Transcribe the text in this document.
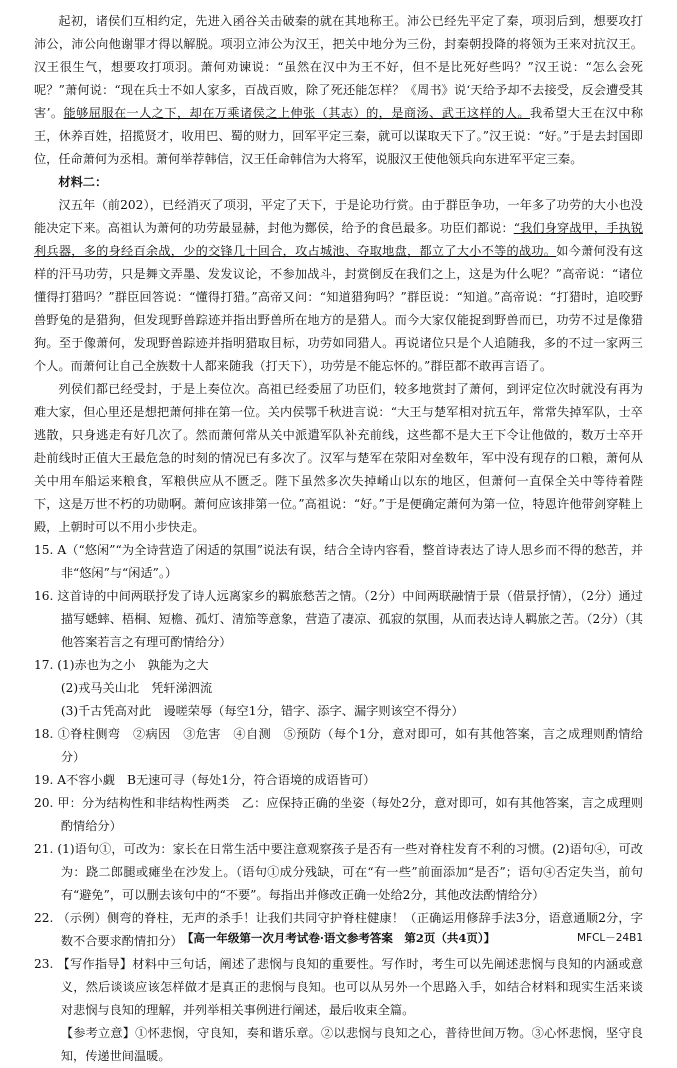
起初，诸侯们互相约定，先进入函谷关击破秦的就在其地称王。沛公已经先平定了秦，项羽后到，想要攻打沛公，沛公向他谢罪才得以解脱。项羽立沛公为汉王，把关中地分为三份，封秦朝投降的将领为王来对抗汉王。汉王很生气，想要攻打项羽。萧何劝谏说：“虽然在汉中为王不好，但不是比死好些吗？”汉王说：“怎么会死呢？”萧何说：“现在兵士不如人家多，百战百败，除了死还能怎样？《周书》说‘天给予却不去接受，反会遭受其害’。能够屈服在一人之下，却在万乘诸侯之上伸张（其志）的，是商汤、武王这样的人。我希望大王在汉中称王，休养百姓，招揽贤才，收用巴、蜀的财力，回军平定三秦，就可以谋取天下了。”汉王说：“好。”于是去封国即位，任命萧何为丞相。萧何举荐韩信，汉王任命韩信为大将军，说服汉王使他领兵向东进军平定三秦。

材料二：

汉五年（前202），已经消灭了项羽，平定了天下，于是论功行赏。由于群臣争功，一年多了功劳的大小也没能决定下来。高祖认为萧何的功劳最显赫，封他为酂侯，给予的食邑最多。功臣们都说：“我们身穿战甲，手执锐利兵器，多的身经百余战，少的交锋几十回合，攻占城池、夺取地盘，都立了大小不等的战功。如今萧何没有这样的汗马功劳，只是舞文弄墨、发发议论，不参加战斗，封赏倒反在我们之上，这是为什么呢？”高帝说：“诸位懂得打猎吗？”群臣回答说：“懂得打猎。”高帝又问：“知道猎狗吗？”群臣说：“知道。”高帝说：“打猎时，追咬野兽野兔的是猎狗，但发现野兽踪迹并指出野兽所在地方的是猎人。而今大家仅能捉到野兽而已，功劳不过是像猎狗。至于像萧何，发现野兽踪迹并指明猎取目标，功劳如同猎人。再说诸位只是个人追随我，多的不过一家两三个人。而萧何让自己全族数十人都来随我（打天下），功劳是不能忘怀的。”群臣都不敢再言语了。

列侯们都已经受封，于是上奏位次。高祖已经委屈了功臣们，较多地赏封了萧何，到评定位次时就没有再为难大家，但心里还是想把萧何排在第一位。关内侯鄂千秋进言说：“大王与楚军相对抗五年，常常失掉军队，士卒逃散，只身逃走有好几次了。然而萧何常从关中派遣军队补充前线，这些都不是大王下令让他做的，数万士卒开赴前线时正值大王最危急的时刻的情况已有多次了。汉军与楚军在荥阳对垒数年，军中没有现存的口粮，萧何从关中用车船运来粮食，军粮供应从不匮乏。陛下虽然多次失掉崤山以东的地区，但萧何一直保全关中等待着陛下，这是万世不朽的功勋啊。萧何应该排第一位。”高祖说：“好。”于是便确定萧何为第一位，特恩许他带剑穿鞋上殿，上朝时可以不用小步快走。

15. A（“悠闲”“为全诗营造了闲适的氛围”说法有误，结合全诗内容看，整首诗表达了诗人思乡而不得的愁苦，并非“悠闲”与“闲适”。）

16. 这首诗的中间两联抒发了诗人远离家乡的羁旅愁苦之情。（2分）中间两联融情于景（借景抒情），（2分）通过描写蟋蟀、梧桐、短檐、孤灯、清笳等意象，营造了凄凉、孤寂的氛围，从而表达诗人羁旅之苦。（2分）（其他答案若言之有理可酌情给分）

17. (1)赤也为之小　孰能为之大

(2)戎马关山北　凭轩涕泗流

(3)千古凭高对此　谩嗟荣辱（每空1分，错字、添字、漏字则该空不得分）

18. ①脊柱侧弯　②病因　③危害　④自测　⑤预防（每个1分，意对即可，如有其他答案，言之成理则酌情给分）

19. A不容小觑　B无速可寻（每处1分，符合语境的成语皆可）

20. 甲：分为结构性和非结构性两类　乙：应保持正确的坐姿（每处2分，意对即可，如有其他答案，言之成理则酌情给分）

21. (1)语句①，可改为：家长在日常生活中要注意观察孩子是否有一些对脊柱发育不利的习惯。(2)语句④，可改为：跷二郎腿或瘫坐在沙发上。（语句①成分残缺，可在“有一些”前面添加“是否”；语句④否定失当，前句有“避免”，可以删去该句中的“不要”。每指出并修改正确一处给2分，其他改法酌情给分）

22. （示例）侧弯的脊柱，无声的杀手！让我们共同守护脊柱健康！（正确运用修辞手法3分，语意通顺2分，字数不合要求酌情扣分）

23. 【写作指导】材料中三句话，阐述了悲悯与良知的重要性。写作时，考生可以先阐述悲悯与良知的内涵或意义，然后谈谈应该怎样做才是真正的悲悯与良知。也可以从另外一个思路入手，如结合材料和现实生活来谈对悲悯与良知的理解，并列举相关事例进行阐述，最后收束全篇。

【参考立意】①怀悲悯，守良知，奏和谐乐章。②以悲悯与良知之心，普待世间万物。③心怀悲悯，坚守良知，传递世间温暖。

【高一年级第一次月考试卷·语文参考答案　第2页（共4页）】	MFCL－24B1
